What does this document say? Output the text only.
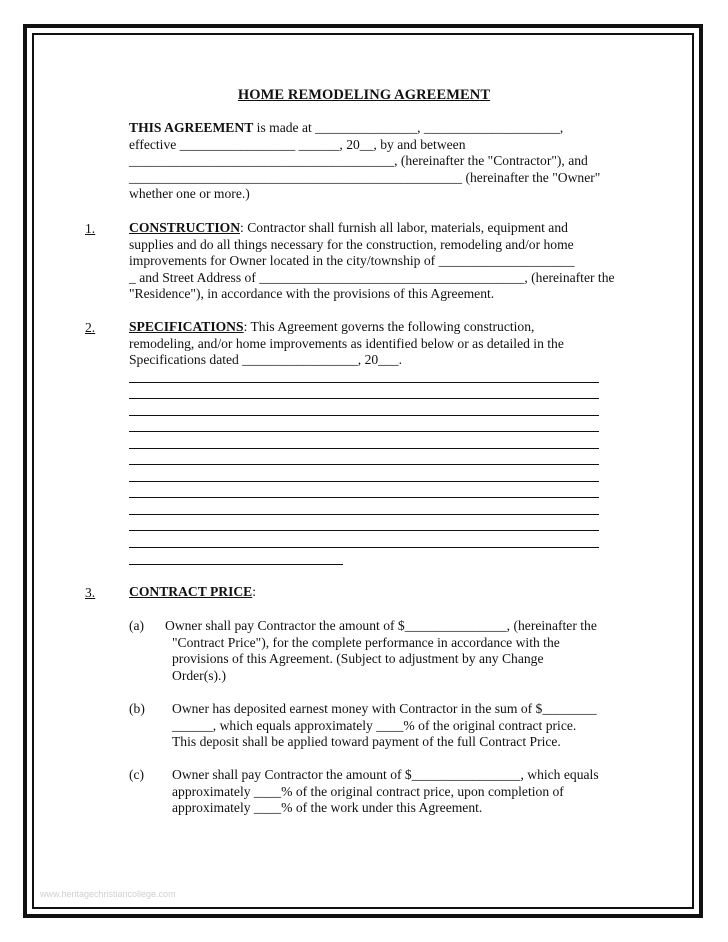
HOME REMODELING AGREEMENT
THIS AGREEMENT is made at _______________, ____________________,
effective _________________ ______, 20__, by and between
_______________________________________, (hereinafter the "Contractor"), and
_________________________________________________ (hereinafter the "Owner"
whether one or more.)
1. CONSTRUCTION: Contractor shall furnish all labor, materials, equipment and
supplies and do all things necessary for the construction, remodeling and/or home
improvements for Owner located in the city/township of ____________________
_ and Street Address of _______________________________________, (hereinafter the
"Residence"), in accordance with the provisions of this Agreement.
2. SPECIFICATIONS: This Agreement governs the following construction,
remodeling, and/or home improvements as identified below or as detailed in the
Specifications dated _________________, 20___.
3. CONTRACT PRICE:
(a) Owner shall pay Contractor the amount of $_______________, (hereinafter the
"Contract Price"), for the complete performance in accordance with the
provisions of this Agreement. (Subject to adjustment by any Change
Order(s).)
(b) Owner has deposited earnest money with Contractor in the sum of $________
______, which equals approximately ____% of the original contract price.
This deposit shall be applied toward payment of the full Contract Price.
(c) Owner shall pay Contractor the amount of $________________, which equals
approximately ____% of the original contract price, upon completion of
approximately ____% of the work under this Agreement.
www.heritagechristiancollege.com
